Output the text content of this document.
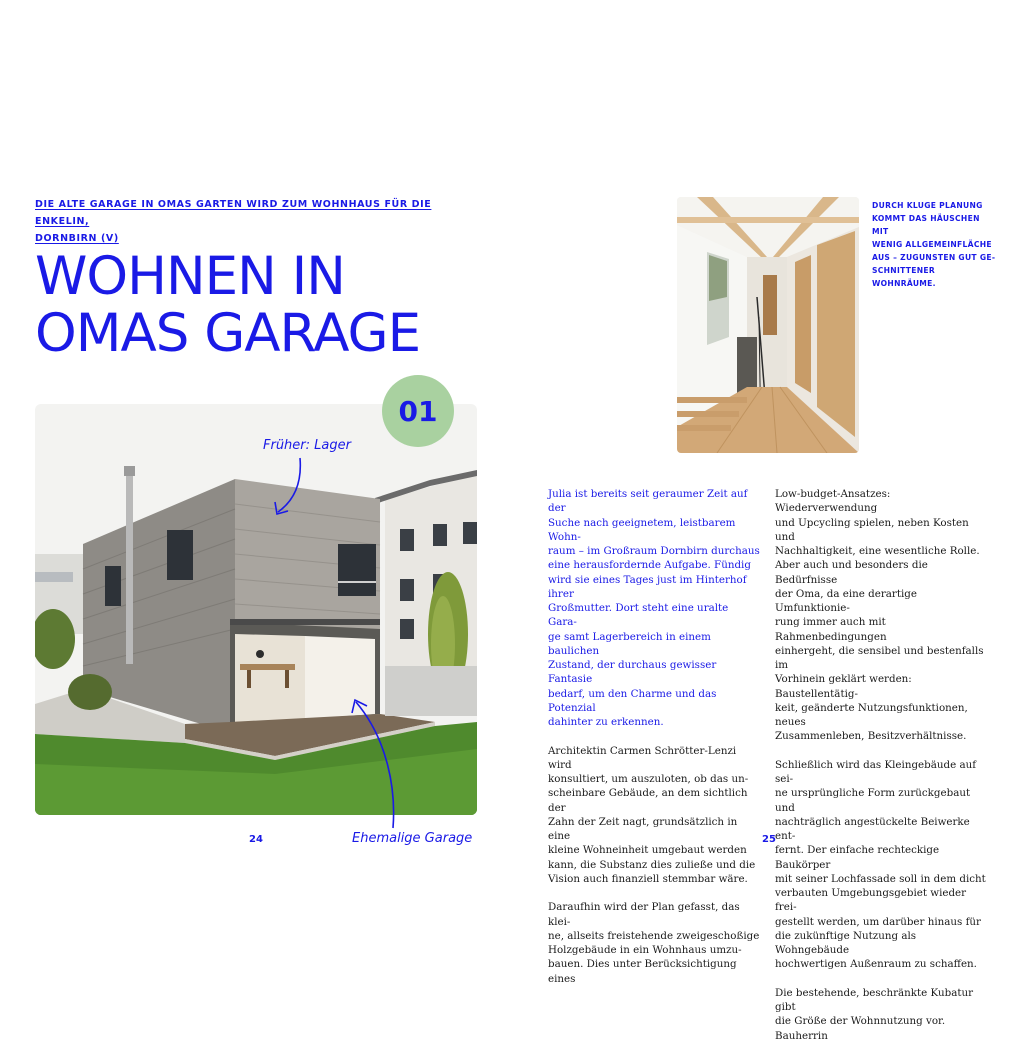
DIE ALTE GARAGE IN OMAS GARTEN WIRD ZUM WOHNHAUS FÜR DIE ENKELIN,
DORNBIRN (V)
WOHNEN IN
OMAS GARAGE
01
Früher: Lager
Ehemalige Garage
24
DURCH KLUGE PLANUNG
KOMMT DAS HÄUSCHEN MIT
WENIG ALLGEMEINFLÄCHE
AUS – ZUGUNSTEN GUT GE-
SCHNITTENER WOHNRÄUME.

Julia ist bereits seit geraumer Zeit auf der
Suche nach geeignetem, leistbarem Wohn-
raum – im Großraum Dornbirn durchaus
eine herausfordernde Aufgabe. Fündig
wird sie eines Tages just im Hinterhof ihrer
Großmutter. Dort steht eine uralte Gara-
ge samt Lagerbereich in einem baulichen
Zustand, der durchaus gewisser Fantasie
bedarf, um den Charme und das Potenzial
dahinter zu erkennen.

Architektin Carmen Schrötter-Lenzi wird
konsultiert, um auszuloten, ob das un-
scheinbare Gebäude, an dem sichtlich der
Zahn der Zeit nagt, grundsätzlich in eine
kleine Wohneinheit umgebaut werden
kann, die Substanz dies zuließe und die
Vision auch finanziell stemmbar wäre.

Daraufhin wird der Plan gefasst, das klei-
ne, allseits freistehende zweigeschoßige
Holzgebäude in ein Wohnhaus umzu-
bauen. Dies unter Berücksichtigung eines

Low-budget-Ansatzes: Wiederverwendung
und Upcycling spielen, neben Kosten und
Nachhaltigkeit, eine wesentliche Rolle.
Aber auch und besonders die Bedürfnisse
der Oma, da eine derartige Umfunktionie-
rung immer auch mit Rahmenbedingungen
einhergeht, die sensibel und bestenfalls im
Vorhinein geklärt werden: Baustellentätig-
keit, geänderte Nutzungsfunktionen, neues
Zusammenleben, Besitzverhältnisse.

Schließlich wird das Kleingebäude auf sei-
ne ursprüngliche Form zurückgebaut und
nachträglich angestückelte Beiwerke ent-
fernt. Der einfache rechteckige Baukörper
mit seiner Lochfassade soll in dem dicht
verbauten Umgebungsgebiet wieder frei-
gestellt werden, um darüber hinaus für
die zukünftige Nutzung als Wohngebäude
hochwertigen Außenraum zu schaffen.

Die bestehende, beschränkte Kubatur gibt
die Größe der Wohnnutzung vor. Bauherrin

25
